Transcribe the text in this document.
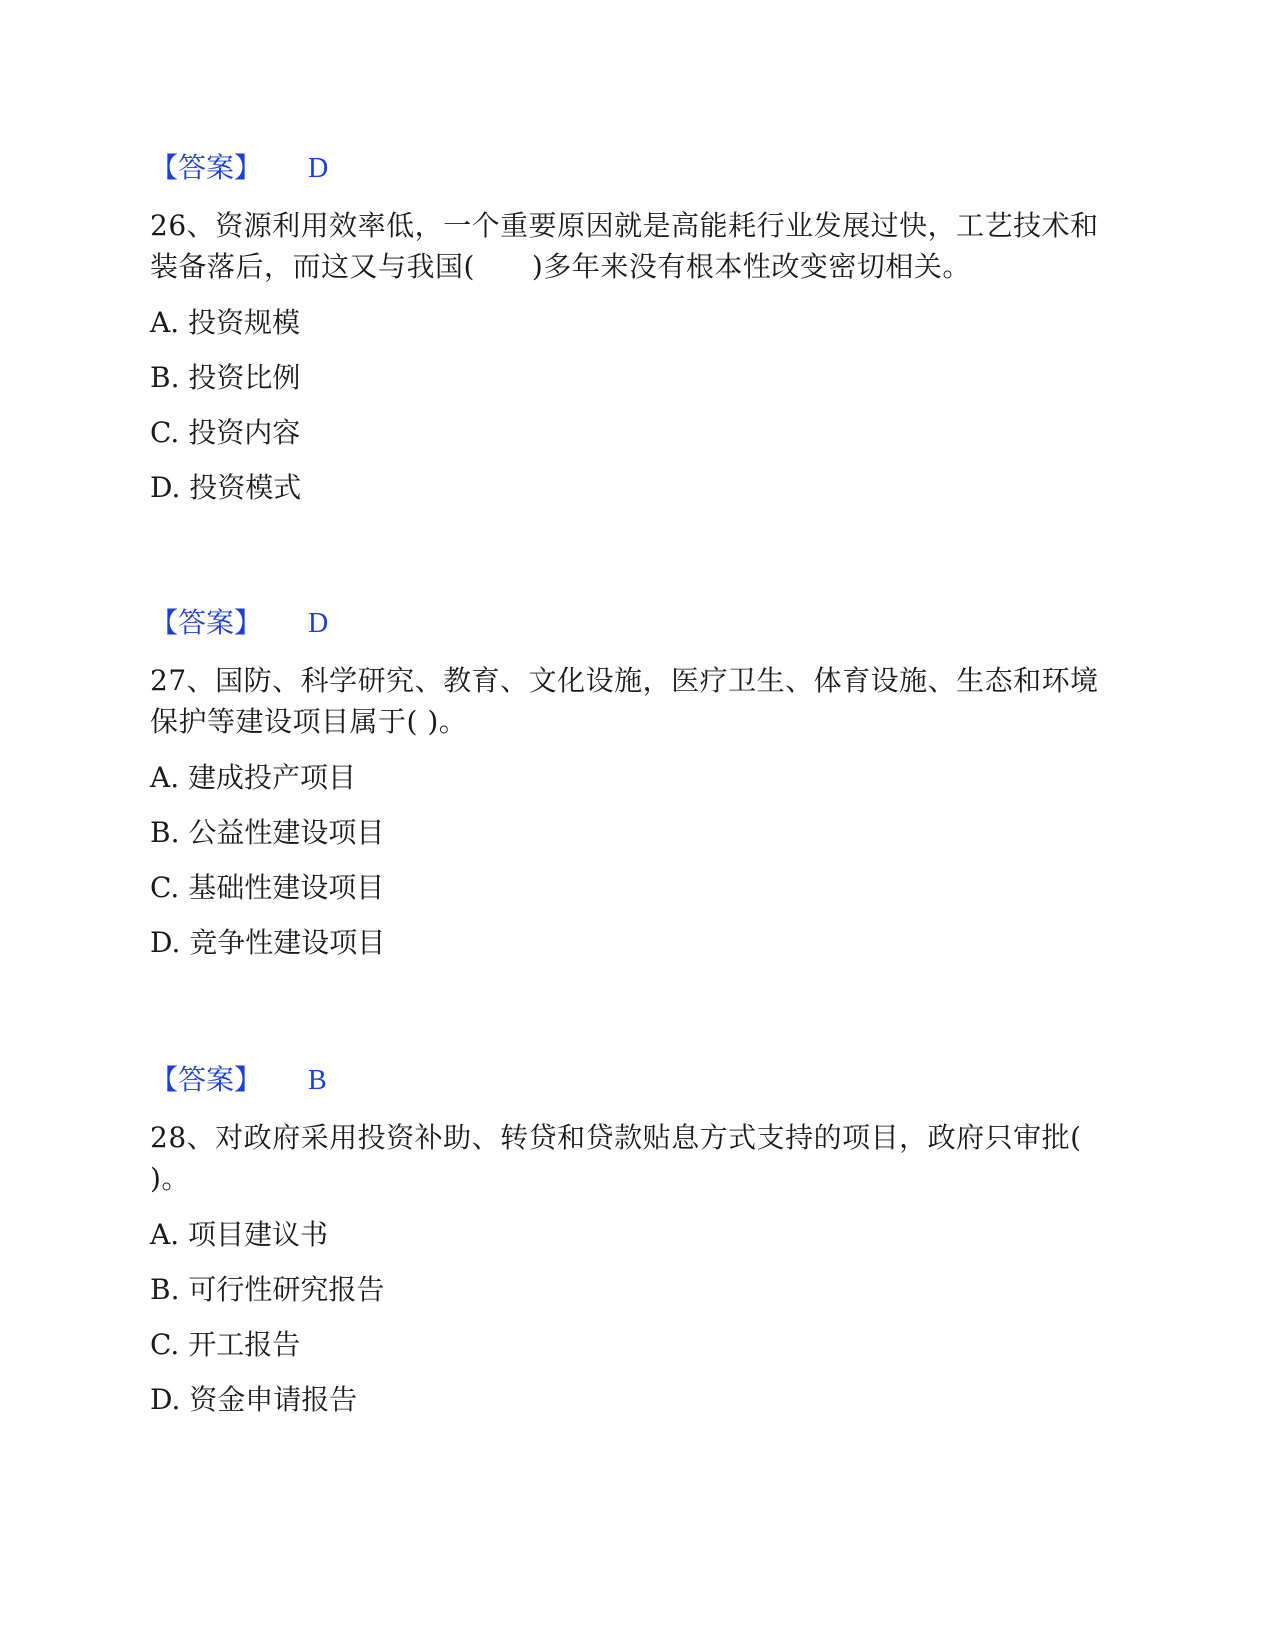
【答案】 D
26、资源利用效率低，一个重要原因就是高能耗行业发展过快，工艺技术和装备落后，而这又与我国(　　)多年来没有根本性改变密切相关。
A. 投资规模
B. 投资比例
C. 投资内容
D. 投资模式
【答案】 D
27、国防、科学研究、教育、文化设施，医疗卫生、体育设施、生态和环境保护等建设项目属于( )。
A. 建成投产项目
B. 公益性建设项目
C. 基础性建设项目
D. 竞争性建设项目
【答案】 B
28、对政府采用投资补助、转贷和贷款贴息方式支持的项目，政府只审批( )。
A. 项目建议书
B. 可行性研究报告
C. 开工报告
D. 资金申请报告
